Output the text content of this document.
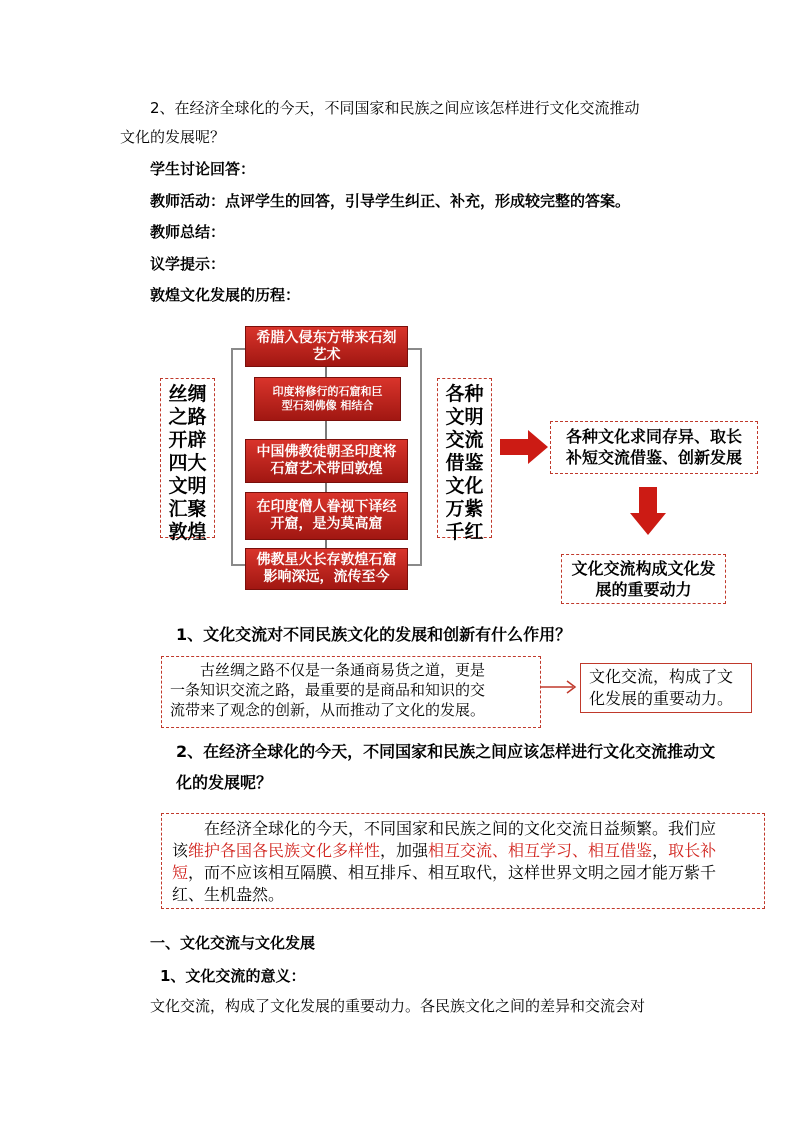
2、在经济全球化的今天，不同国家和民族之间应该怎样进行文化交流推动
文化的发展呢？
学生讨论回答：
教师活动：点评学生的回答，引导学生纠正、补充，形成较完整的答案。
教师总结：
议学提示：
敦煌文化发展的历程：
丝绸
之路
开辟
四大
文明
汇聚
敦煌
希腊入侵东方带来石刻
艺术
印度将修行的石窟和巨
型石刻佛像 相结合
中国佛教徒朝圣印度将
石窟艺术带回敦煌
在印度僧人眷视下译经
开窟，是为莫高窟
佛教星火长存敦煌石窟
影响深远，流传至今
各种
文明
交流
借鉴
文化
万紫
千红
各种文化求同存异、取长
补短交流借鉴、创新发展
文化交流构成文化发
展的重要动力
1、文化交流对不同民族文化的发展和创新有什么作用？
古丝绸之路不仅是一条通商易货之道，更是
一条知识交流之路，最重要的是商品和知识的交
流带来了观念的创新，从而推动了文化的发展。
文化交流，构成了文
化发展的重要动力。
2、在经济全球化的今天，不同国家和民族之间应该怎样进行文化交流推动文
化的发展呢？
在经济全球化的今天，不同国家和民族之间的文化交流日益频繁。我们应
该维护各国各民族文化多样性，加强相互交流、相互学习、相互借鉴，取长补
短，而不应该相互隔膜、相互排斥、相互取代，这样世界文明之园才能万紫千
红、生机盎然。
一、文化交流与文化发展
1、文化交流的意义：
文化交流，构成了文化发展的重要动力。各民族文化之间的差异和交流会对
